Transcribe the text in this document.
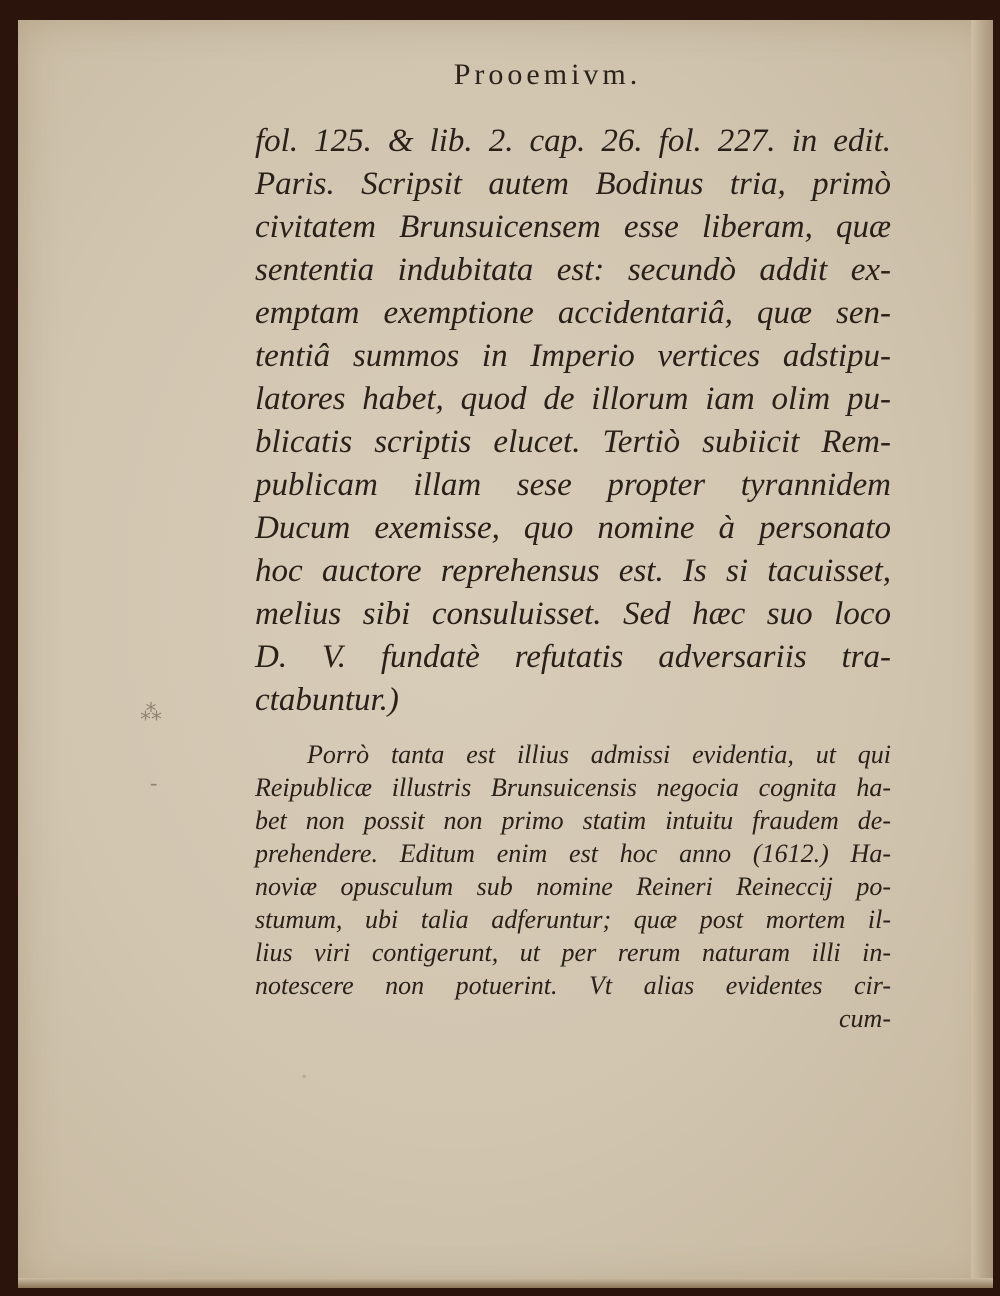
Prooemivm.
fol. 125. & lib. 2. cap. 26. fol. 227. in edit.
Paris. Scripsit autem Bodinus tria, primò
civitatem Brunsuicensem esse liberam, quæ
sententia indubitata est: secundò addit ex-
emptam exemptione accidentariâ, quæ sen-
tentiâ summos in Imperio vertices adstipu-
latores habet, quod de illorum iam olim pu-
blicatis scriptis elucet. Tertiò subiicit Rem-
publicam illam sese propter tyrannidem
Ducum exemisse, quo nomine à personato
hoc auctore reprehensus est. Is si tacuisset,
melius sibi consuluisset. Sed hæc suo loco
D. V. fundatè refutatis adversariis tra-
ctabuntur.)
Porrò tanta est illius admissi evidentia, ut qui
Reipublicæ illustris Brunsuicensis negocia cognita ha-
bet non possit non primo statim intuitu fraudem de-
prehendere. Editum enim est hoc anno (1612.) Ha-
noviæ opusculum sub nomine Reineri Reineccij po-
stumum, ubi talia adferuntur; quæ post mortem il-
lius viri contigerunt, ut per rerum naturam illi in-
notescere non potuerint. Vt alias evidentes cir-
cum-
⁂
‐
·
